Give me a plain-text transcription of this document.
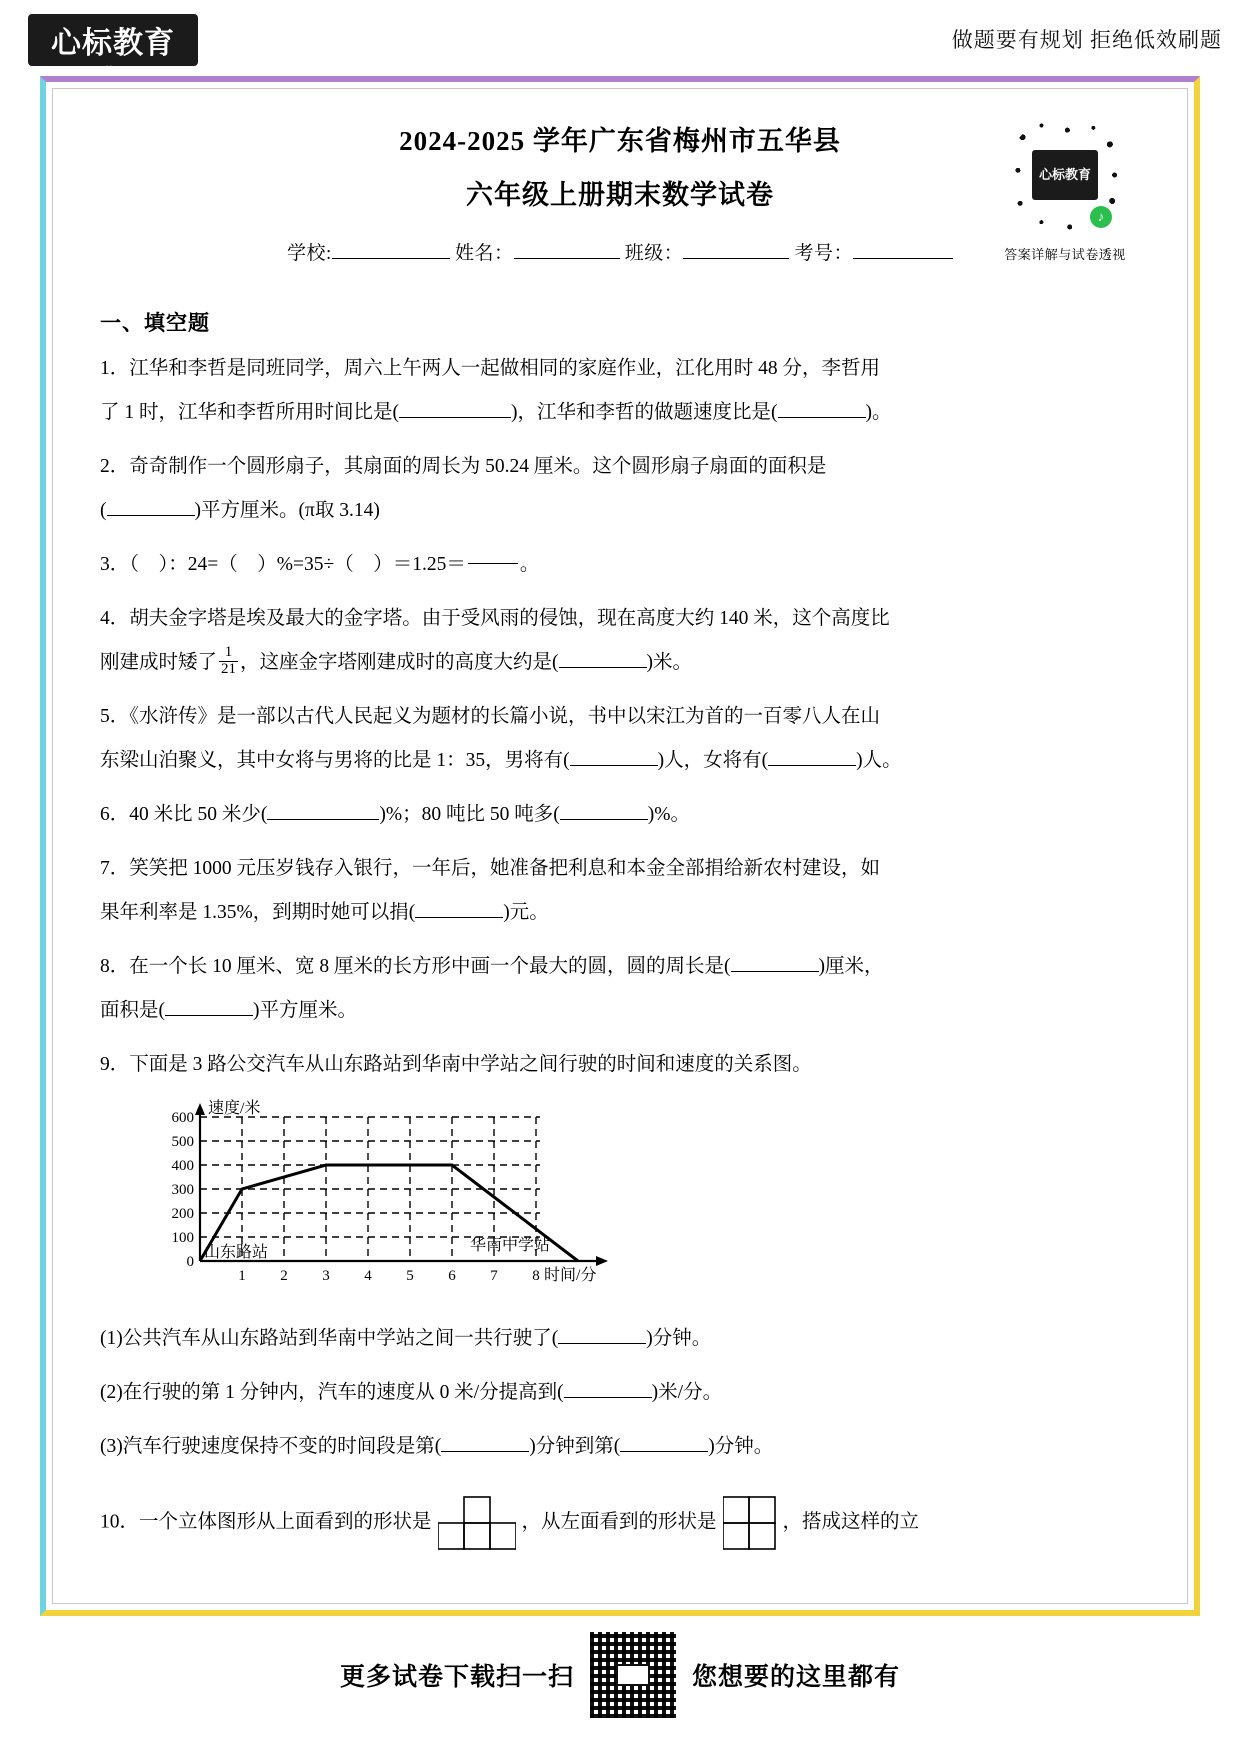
心标教育
www.xbjy.com
做题要有规划 拒绝低效刷题
心标教育
♪
答案详解与试卷透视
2024-2025 学年广东省梅州市五华县
六年级上册期末数学试卷
学校:	姓名：	班级：	考号：
一、填空题
1．江华和李哲是同班同学，周六上午两人一起做相同的家庭作业，江化用时 48 分，李哲用
了 1 时，江华和李哲所用时间比是(	)，江华和李哲的做题速度比是(	)。
2．奇奇制作一个圆形扇子，其扇面的周长为 50.24 厘米。这个圆形扇子扇面的面积是
(	)平方厘米。(π取 3.14)
3．（　）：24=（　）%=35÷（　）＝1.25＝

　　	。
4．胡夫金字塔是埃及最大的金字塔。由于受风雨的侵蚀，现在高度大约 140 米，这个高度比
刚建成时矮了 $\frac{1}{21}$ ，这座金字塔刚建成时的高度大约是(	)米。
5．《水浒传》是一部以古代人民起义为题材的长篇小说，书中以宋江为首的一百零八人在山
东梁山泊聚义，其中女将与男将的比是 1：35，男将有(	)人，女将有(	)人。
6．40 米比 50 米少(	)%；80 吨比 50 吨多(	)%。
7．笑笑把 1000 元压岁钱存入银行，一年后，她准备把利息和本金全部捐给新农村建设，如
果年利率是 1.35%，到期时她可以捐(	)元。
8．在一个长 10 厘米、宽 8 厘米的长方形中画一个最大的圆，圆的周长是(	)厘米，
面积是(	)平方厘米。
9．下面是 3 路公交汽车从山东路站到华南中学站之间行驶的时间和速度的关系图。
600
500
400
300
200
100
0
1 2 3 4 5 6 7 8
速度/米
时间/分
山东路站	华南中学站
(1)公共汽车从山东路站到华南中学站之间一共行驶了(	)分钟。
(2)在行驶的第 1 分钟内，汽车的速度从 0 米/分提高到(	)米/分。
(3)汽车行驶速度保持不变的时间段是第(	)分钟到第(	)分钟。
10．一个立体图形从上面看到的形状是	，从左面看到的形状是	，搭成这样的立
更多试卷下载扫一扫	您想要的这里都有
